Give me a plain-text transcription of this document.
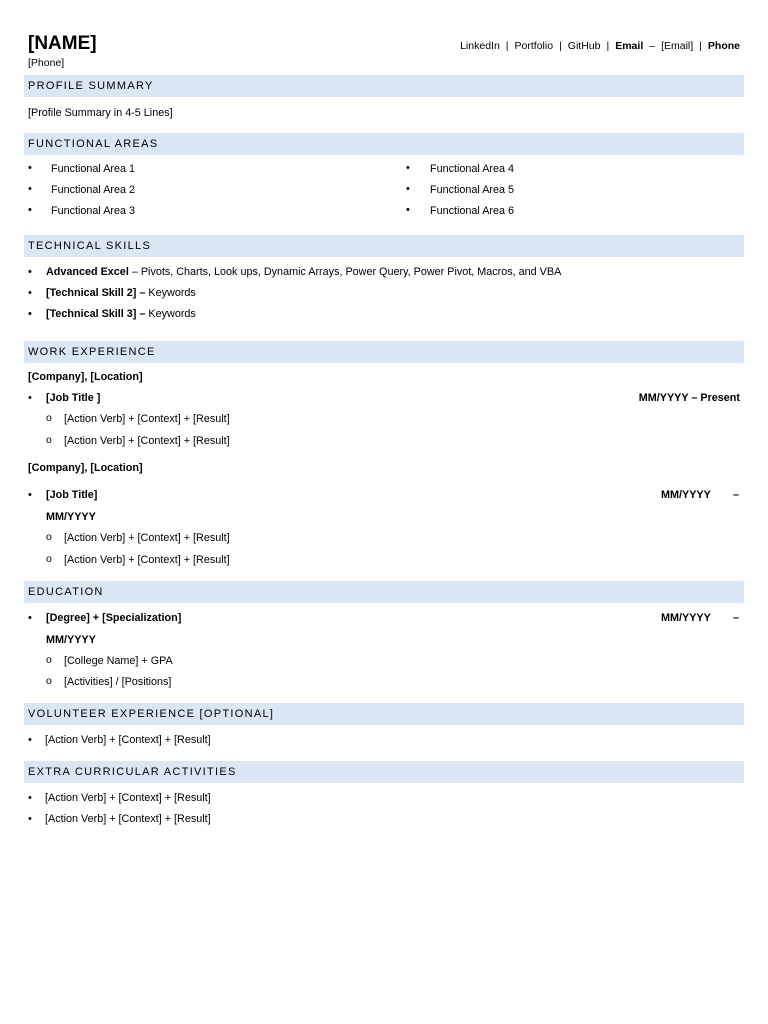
[NAME]
[Phone]
LinkedIn | Portfolio | GitHub | Email – [Email] | Phone
PROFILE SUMMARY
[Profile Summary in 4-5 Lines]
FUNCTIONAL AREAS
• Functional Area 1
• Functional Area 2
• Functional Area 3
• Functional Area 4
• Functional Area 5
• Functional Area 6
TECHNICAL SKILLS
• Advanced Excel – Pivots, Charts, Look ups, Dynamic Arrays, Power Query, Power Pivot, Macros, and VBA
• [Technical Skill 2] – Keywords
• [Technical Skill 3] – Keywords
WORK EXPERIENCE
[Company], [Location]
• [Job Title ]	MM/YYYY – Present
o [Action Verb] + [Context] + [Result]
o [Action Verb] + [Context] + [Result]
[Company], [Location]
• [Job Title]	MM/YYYY –
MM/YYYY
o [Action Verb] + [Context] + [Result]
o [Action Verb] + [Context] + [Result]
EDUCATION
• [Degree] + [Specialization]	MM/YYYY –
MM/YYYY
o [College Name] + GPA
o [Activities] / [Positions]
VOLUNTEER EXPERIENCE [OPTIONAL]
• [Action Verb] + [Context] + [Result]
EXTRA CURRICULAR ACTIVITIES
• [Action Verb] + [Context] + [Result]
• [Action Verb] + [Context] + [Result]
